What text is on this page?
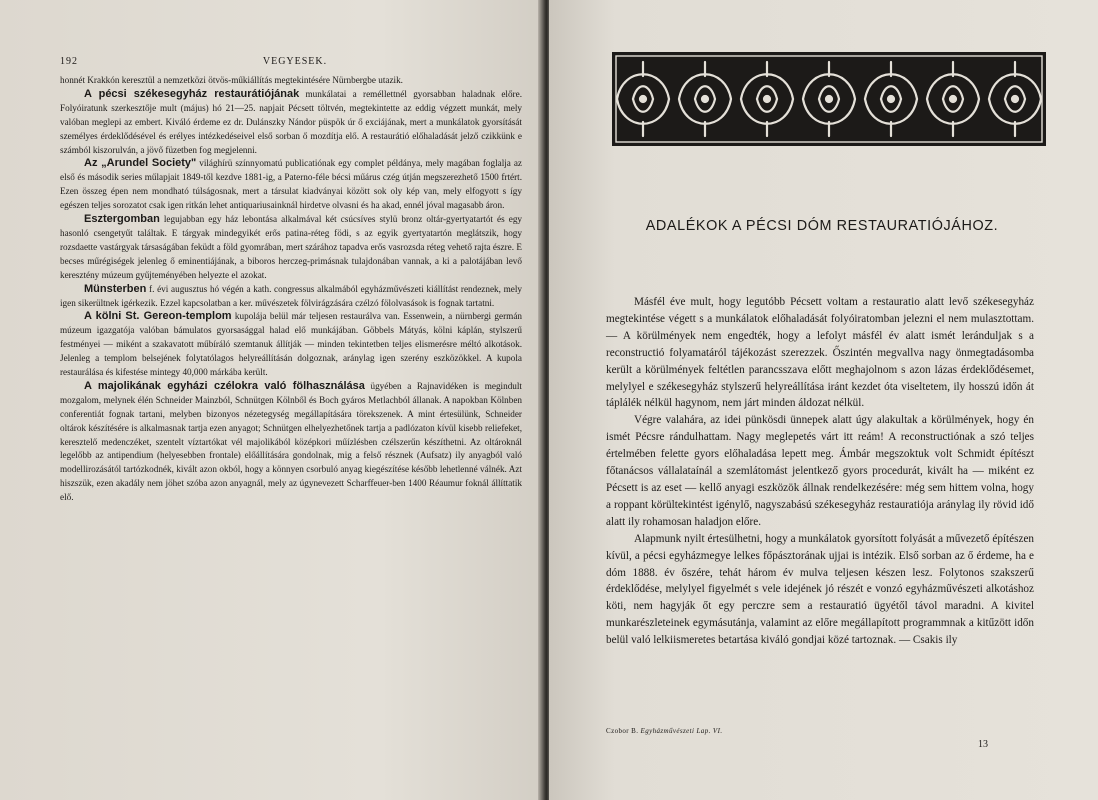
192	VEGYESEK.

honnét Krakkón keresztül a nemzetközi ötvös-műkiállítás megtekintésére Nürnbergbe utazik.

A pécsi székesegyház restaurátiójának munkálatai a reméllettnél gyorsabban haladnak előre. Folyóiratunk szerkesztője mult (május) hó 21—25. napjait Pécsett töltvén, megtekintette az eddig végzett munkát, mely valóban meglepi az embert. Kiváló érdeme ez dr. Dulánszky Nándor püspök úr ő exciájának, mert a munkálatok gyorsítását személyes érdeklődésével és erélyes intézkedéseivel első sorban ő mozdítja elő. A restaurátió előhaladását jelző czikkünk e számból kiszorulván, a jövő füzetben fog megjelenni.

Az „Arundel Society" világhírü színnyomatú publicatiónak egy complet példánya, mely magában foglalja az első és második series műlapjait 1849-től kezdve 1881-ig, a Paterno-féle bécsi műárus czég útján megszerezhető 1500 frtért. Ezen összeg épen nem mondható túlságosnak, mert a társulat kiadványai között sok oly kép van, mely elfogyott s így egészen teljes sorozatot csak igen ritkán lehet antiquariusainknál hirdetve olvasni és ha akad, ennél jóval magasabb áron.

Esztergomban legujabban egy ház lebontása alkalmával két csúcsíves stylü bronz oltár-gyertyatartót és egy hasonló csengetyűt találtak. E tárgyak mindegyikét erős patina-réteg födi, s az egyik gyertyatartón meglátszik, hogy rozsdaette vastárgyak társaságában feküdt a föld gyomrában, mert szárához tapadva erős vasrozsda réteg vehető rajta észre. E becses műrégiségek jelenleg ő eminentiájának, a biboros herczeg-primásnak tulajdonában vannak, a ki a palotájában levő keresztény múzeum gyűjteményében helyezte el azokat.

Münsterben f. évi augusztus hó végén a kath. congressus alkalmából egyházművészeti kiállítást rendeznek, mely igen sikerültnek igérkezik. Ezzel kapcsolatban a ker. művészetek fölvirágzására czélzó fölolvasások is fognak tartatni.

A kölni St. Gereon-templom kupolája belül már teljesen restaurálva van. Essenwein, a nürnbergi germán múzeum igazgatója valóban bámulatos gyorsasággal halad elő munkájában. Göbbels Mátyás, kölni káplán, stylszerű festményei — miként a szakavatott műbíráló szemtanuk állítják — minden tekintetben teljes elismerésre méltó alkotások. Jelenleg a templom belsejének folytatólagos helyreállításán dolgoznak, aránylag igen szerény eszközökkel. A kupola restaurálása és kifestése mintegy 40,000 márkába került.

A majolikának egyházi czélokra való fölhasználása ügyében a Rajnavidéken is megindult mozgalom, melynek élén Schneider Mainzból, Schnütgen Kölnből és Boch gyáros Metlachból állanak. A napokban Kölnben conferentiát fognak tartani, melyben bizonyos nézetegység megállapítására törekszenek. A mint értesülünk, Schneider oltárok készítésére is alkalmasnak tartja ezen anyagot; Schnütgen elhelyezhetőnek tartja a padlózaton kívül kisebb reliefeket, keresztelő medenczéket, szentelt víztartókat vél majolikából középkori műízlésben czélszerűn készíthetni. Az oltároknál legelőbb az antipendium (helyesebben frontale) előállítására gondolnak, mig a felső résznek (Aufsatz) ily anyagból való modellirozásától tartózkodnék, kivált azon okból, hogy a könnyen csorbuló anyag kiegészítése később lehetlenné válnék. Azt hiszszük, ezen akadály nem jöhet szóba azon anyagnál, mely az úgynevezett Scharffeuer-ben 1400 Réaumur foknál állíttatik elő.

ADALÉKOK A PÉCSI DÓM RESTAURATIÓJÁHOZ.

Másfél éve mult, hogy legutóbb Pécsett voltam a restauratio alatt levő székesegyház megtekintése végett s a munkálatok előhaladását folyóiratomban jelezni el nem mulasztottam. — A körülmények nem engedték, hogy a lefolyt másfél év alatt ismét leránduljak s a reconstructió folyamatáról tájékozást szerezzek. Őszintén megvallva nagy önmegtadásomba került a körülmények feltétlen parancsszava előtt meghajolnom s azon lázas érdeklődésemet, melylyel e székesegyház stylszerű helyreállítása iránt kezdet óta viseltetem, ily hosszú időn át táplálék nélkül hagynom, nem járt minden áldozat nélkül.

Végre valahára, az idei pünkösdi ünnepek alatt úgy alakultak a körülmények, hogy én ismét Pécsre rándulhattam. Nagy meglepetés várt itt reám! A reconstructiónak a szó teljes értelmében felette gyors előhaladása lepett meg. Ámbár megszoktuk volt Schmidt építészt főtanácsos vállalataínál a szemlátomást jelentkező gyors procedurát, kivált ha — miként ez Pécsett is az eset — kellő anyagi eszközök állnak rendelkezésére: még sem hittem volna, hogy a roppant körültekintést igénylő, nagyszabású székesegyház restauratiója aránylag ily rövid idő alatt ily rohamosan haladjon előre.

Alapmunk nyilt értesülhetni, hogy a munkálatok gyorsított folyását a művezető építészen kívül, a pécsi egyházmegye lelkes főpásztorának ujjai is intézik. Első sorban az ő érdeme, ha e dóm 1888. év őszére, tehát három év mulva teljesen készen lesz. Folytonos szakszerű érdeklődése, melylyel figyelmét s vele idejének jó részét e vonzó egyházművészeti alkotáshoz köti, nem hagyják őt egy perczre sem a restauratió ügyétől távol maradni. A kivitel munkarészleteinek egymásutánja, valamint az előre megállapított programmnak a kitűzött időn belül való lelkiismeretes betartása kiváló gondjai közé tartoznak. — Csakis ily

Czobor B. Egyházművészeti Lap. VI.
13
